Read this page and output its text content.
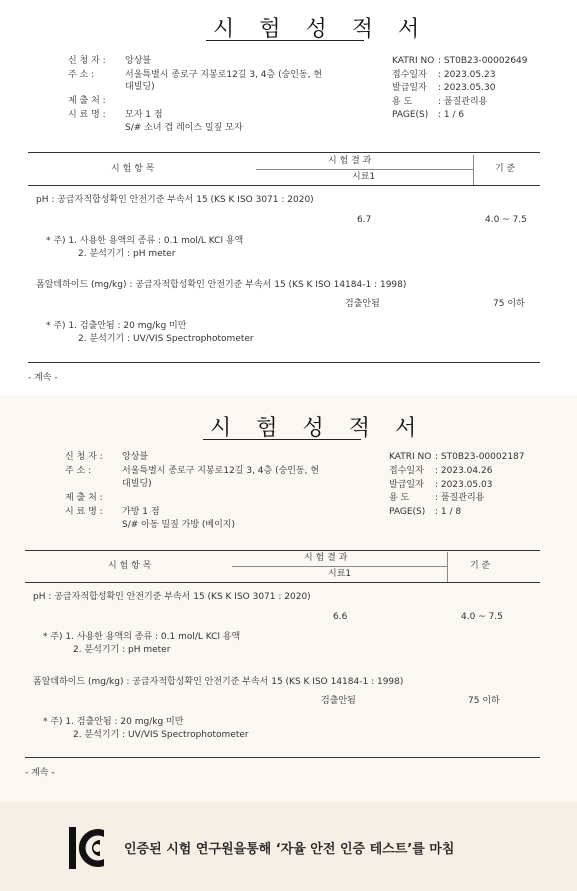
시 험 성 적 서
신 청 자 : 앙상블
주 소 :	서울특별시 종로구 지봉로12길 3, 4층 (숭인동, 현
대빌딩)
제 출 처 :
시 료 명 : 모자 1 점
S/# 소녀 겹 레이스 밀짚 모자
KATRI NO : ST0B23-00002649
접수일자 : 2023.05.23
발급일자 : 2023.05.30
용 도	: 품질관리용
PAGE(S) : 1 / 6
시 험 결 과
시 험 항 목
시료1
기 준
pH : 공급자적합성확인 안전기준 부속서 15 (KS K ISO 3071 : 2020)
6.7	4.0 ~ 7.5
* 주) 1. 사용한 용액의 종류 : 0.1 mol/L KCl 용액
2. 분석기기 : pH meter
폼알데하이드 (mg/kg) : 공급자적합성확인 안전기준 부속서 15 (KS K ISO 14184-1 : 1998)
검출안됨	75 이하
* 주) 1. 검출안됨 : 20 mg/kg 미만
2. 분석기기 : UV/VIS Spectrophotometer
- 계속 -
시 험 성 적 서
신 청 자 : 앙상블
주 소 :	서울특별시 종로구 지봉로12길 3, 4층 (숭인동, 현
대빌딩)
제 출 처 :
시 료 명 : 가방 1 점
S/# 아동 밀짚 가방 (베이지)
KATRI NO : ST0B23-00002187
접수일자 : 2023.04.26
발급일자 : 2023.05.03
용 도	: 품질관리용
PAGE(S) : 1 / 8
시 험 결 과
시 험 항 목
시료1
기 준
pH : 공급자적합성확인 안전기준 부속서 15 (KS K ISO 3071 : 2020)
6.6	4.0 ~ 7.5
* 주) 1. 사용한 용액의 종류 : 0.1 mol/L KCl 용액
2. 분석기기 : pH meter
폼알데하이드 (mg/kg) : 공급자적합성확인 안전기준 부속서 15 (KS K ISO 14184-1 : 1998)
검출안됨	75 이하
* 주) 1. 검출안됨 : 20 mg/kg 미만
2. 분석기기 : UV/VIS Spectrophotometer
- 계속 -
인증된 시험 연구원을통해 ‘자율 안전 인증 테스트’를 마침
